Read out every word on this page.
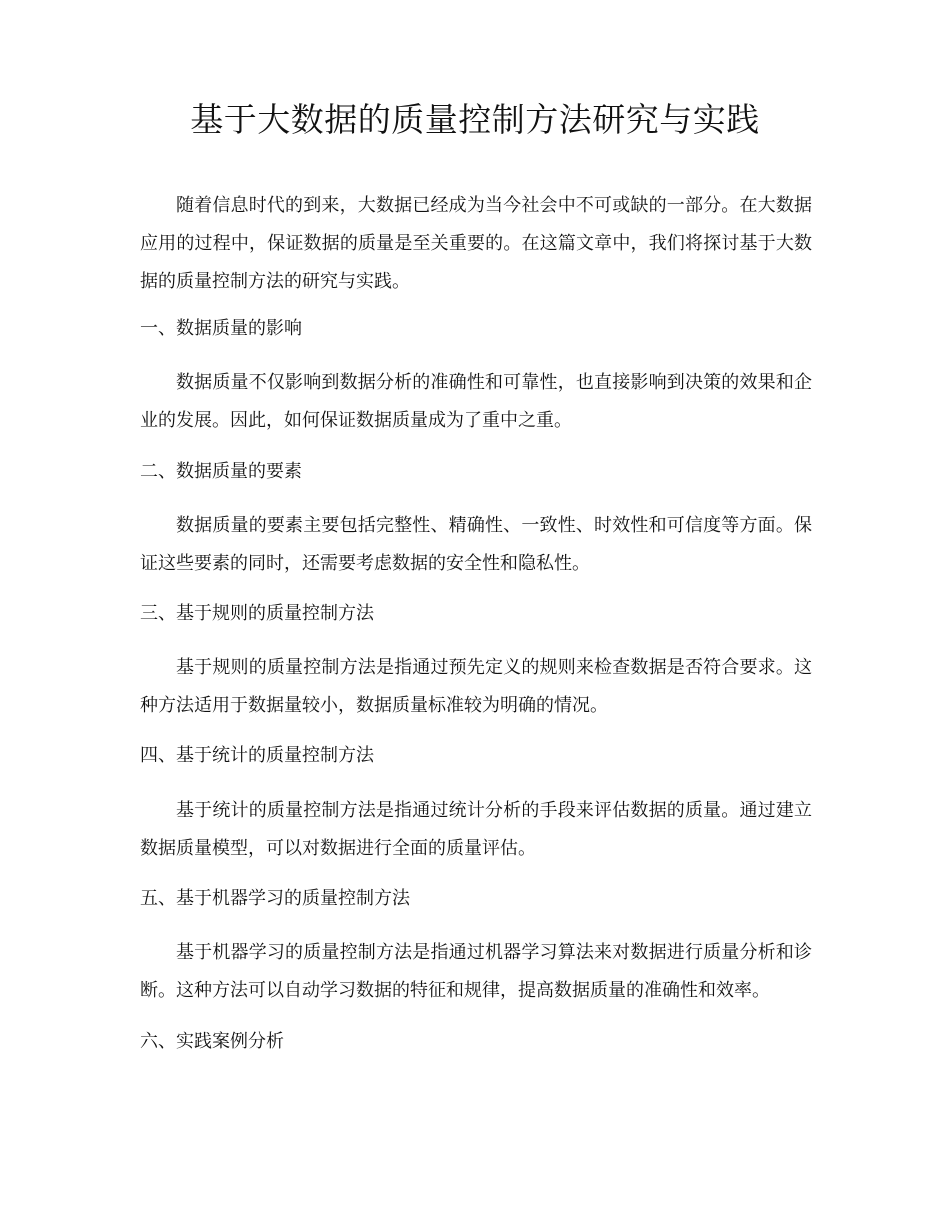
基于大数据的质量控制方法研究与实践

随着信息时代的到来，大数据已经成为当今社会中不可或缺的一部分。在大数据应用的过程中，保证数据的质量是至关重要的。在这篇文章中，我们将探讨基于大数据的质量控制方法的研究与实践。

一、数据质量的影响

数据质量不仅影响到数据分析的准确性和可靠性，也直接影响到决策的效果和企业的发展。因此，如何保证数据质量成为了重中之重。

二、数据质量的要素

数据质量的要素主要包括完整性、精确性、一致性、时效性和可信度等方面。保证这些要素的同时，还需要考虑数据的安全性和隐私性。

三、基于规则的质量控制方法

基于规则的质量控制方法是指通过预先定义的规则来检查数据是否符合要求。这种方法适用于数据量较小，数据质量标准较为明确的情况。

四、基于统计的质量控制方法

基于统计的质量控制方法是指通过统计分析的手段来评估数据的质量。通过建立数据质量模型，可以对数据进行全面的质量评估。

五、基于机器学习的质量控制方法

基于机器学习的质量控制方法是指通过机器学习算法来对数据进行质量分析和诊断。这种方法可以自动学习数据的特征和规律，提高数据质量的准确性和效率。

六、实践案例分析
